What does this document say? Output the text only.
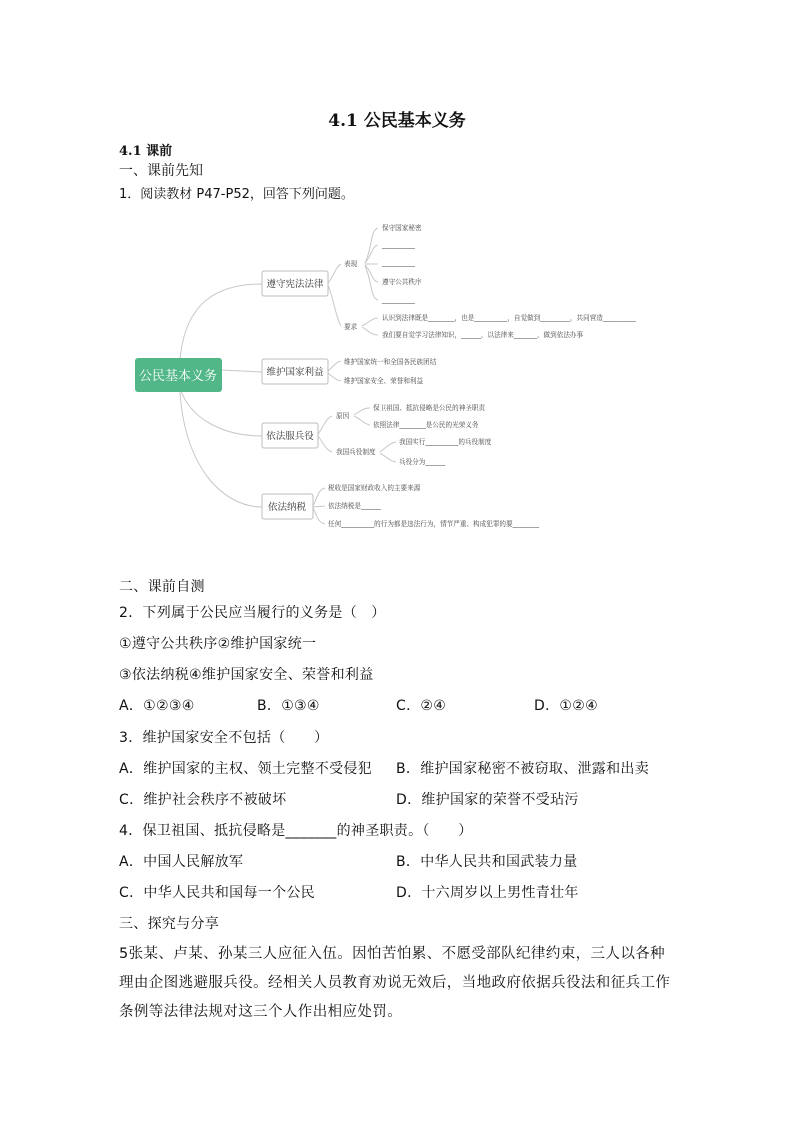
4.1 公民基本义务
4.1 课前
一、课前先知
1．阅读教材 P47-P52，回答下列问题。
公民基本义务
遵守宪法法律
维护国家利益
依法服兵役
依法纳税
表现
要求
保守国家秘密
__________
__________
遵守公共秩序
__________
认识到法律既是________，也是__________，自觉做到_________，共同营造__________
我们要自觉学习法律知识，______，以法律来_______，做到依法办事
维护国家统一和全国各民族团结
维护国家安全、荣誉和利益
原因
我国兵役制度
保卫祖国、抵抗侵略是公民的神圣职责
依照法律________是公民的光荣义务
我国实行__________的兵役制度
兵役分为______
税收是国家财政收入的主要来源
依法纳税是______
任何__________的行为都是违法行为，情节严重、构成犯罪的要________
二、课前自测
2．下列属于公民应当履行的义务是（　）
①遵守公共秩序②维护国家统一
③依法纳税④维护国家安全、荣誉和利益
A．①②③④	B．①③④	C．②④	D．①②④
3．维护国家安全不包括（　　）
A．维护国家的主权、领土完整不受侵犯 B．维护国家秘密不被窃取、泄露和出卖
C．维护社会秩序不被破坏	D．维护国家的荣誉不受玷污
4．保卫祖国、抵抗侵略是_______的神圣职责。（　　）
A．中国人民解放军	B．中华人民共和国武装力量
C．中华人民共和国每一个公民	D．十六周岁以上男性青壮年
三、探究与分享
5张某、卢某、孙某三人应征入伍。因怕苦怕累、不愿受部队纪律约束，三人以各种理由企图逃避服兵役。经相关人员教育劝说无效后，当地政府依据兵役法和征兵工作条例等法律法规对这三个人作出相应处罚。
